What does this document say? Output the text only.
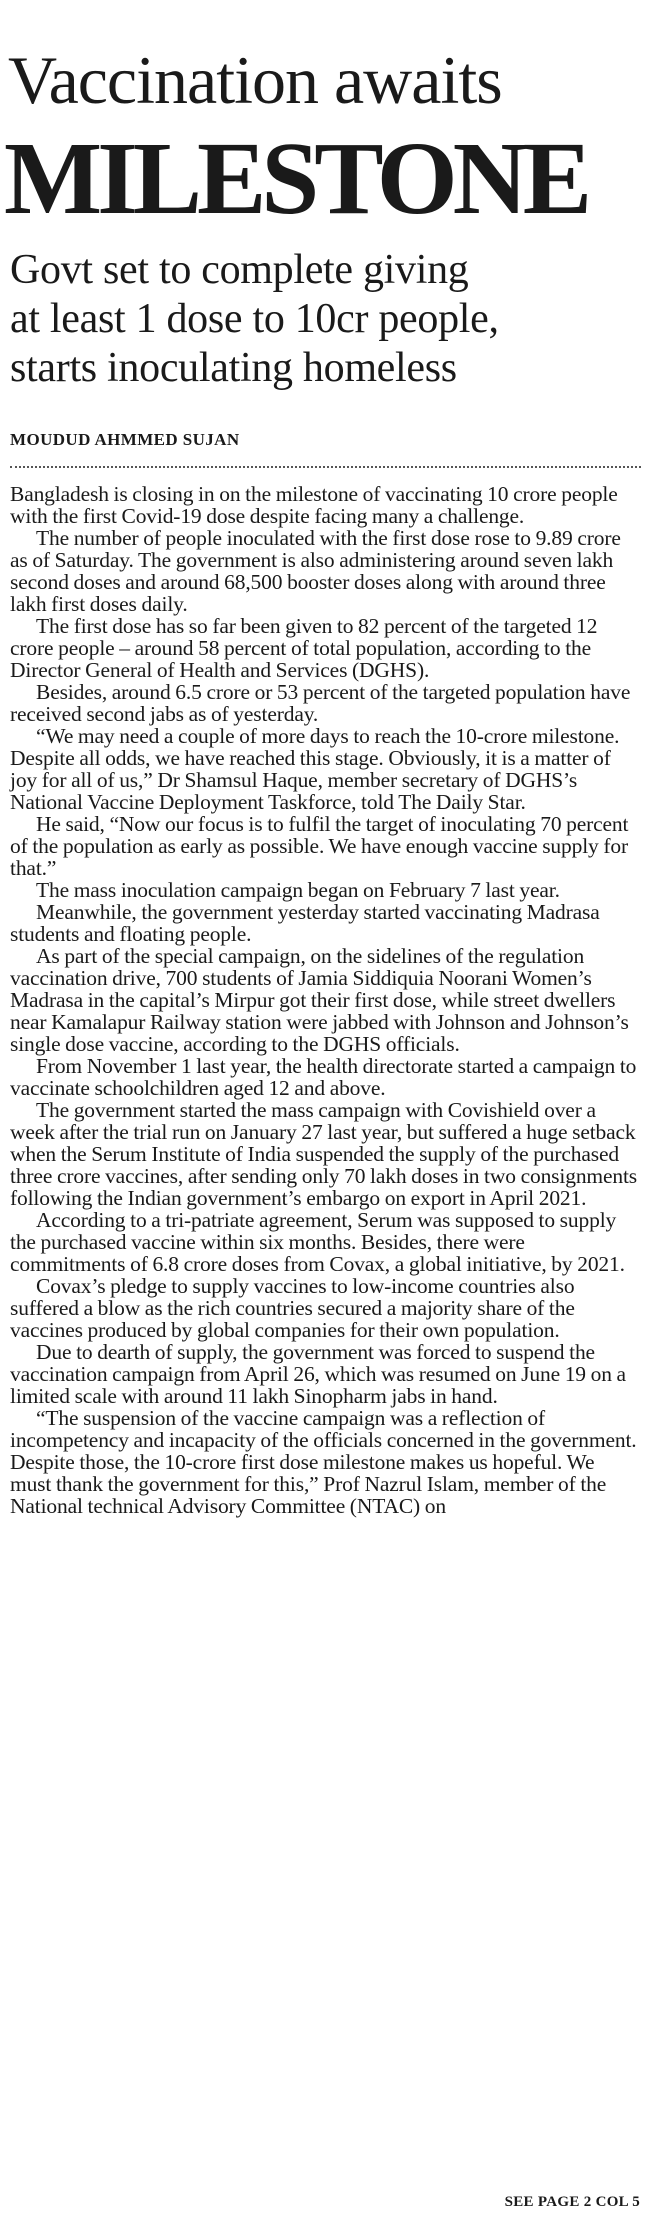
Vaccination awaits
MILESTONE
Govt set to complete giving
at least 1 dose to 10cr people,
starts inoculating homeless
MOUDUD AHMMED SUJAN

Bangladesh is closing in on the milestone of vaccinating 10 crore people with the first Covid-19 dose despite facing many a challenge.

The number of people inoculated with the first dose rose to 9.89 crore as of Saturday. The government is also administering around seven lakh second doses and around 68,500 booster doses along with around three lakh first doses daily.

The first dose has so far been given to 82 percent of the targeted 12 crore people – around 58 percent of total population, according to the Director General of Health and Services (DGHS).

Besides, around 6.5 crore or 53 percent of the targeted population have received second jabs as of yesterday.

“We may need a couple of more days to reach the 10-crore milestone. Despite all odds, we have reached this stage. Obviously, it is a matter of joy for all of us,” Dr Shamsul Haque, member secretary of DGHS’s National Vaccine Deployment Taskforce, told The Daily Star.

He said, “Now our focus is to fulfil the target of inoculating 70 percent of the population as early as possible. We have enough vaccine supply for that.”

The mass inoculation campaign began on February 7 last year.

Meanwhile, the government yesterday started vaccinating Madrasa students and floating people.

As part of the special campaign, on the sidelines of the regulation vaccination drive, 700 students of Jamia Siddiquia Noorani Women’s Madrasa in the capital’s Mirpur got their first dose, while street dwellers near Kamalapur Railway station were jabbed with Johnson and Johnson’s single dose vaccine, according to the DGHS officials.

From November 1 last year, the health directorate started a campaign to vaccinate schoolchildren aged 12 and above.

The government started the mass campaign with Covishield over a week after the trial run on January 27 last year, but suffered a huge setback when the Serum Institute of India suspended the supply of the purchased three crore vaccines, after sending only 70 lakh doses in two consignments following the Indian government’s embargo on export in April 2021.

According to a tri-patriate agreement, Serum was supposed to supply the purchased vaccine within six months. Besides, there were commitments of 6.8 crore doses from Covax, a global initiative, by 2021.

Covax’s pledge to supply vaccines to low-income countries also suffered a blow as the rich countries secured a majority share of the vaccines produced by global companies for their own population.

Due to dearth of supply, the government was forced to suspend the vaccination campaign from April 26, which was resumed on June 19 on a limited scale with around 11 lakh Sinopharm jabs in hand.

“The suspension of the vaccine campaign was a reflection of incompetency and incapacity of the officials concerned in the government. Despite those, the 10-crore first dose milestone makes us hopeful. We must thank the government for this,” Prof Nazrul Islam, member of the National technical Advisory Committee (NTAC) on

SEE PAGE 2 COL 5
